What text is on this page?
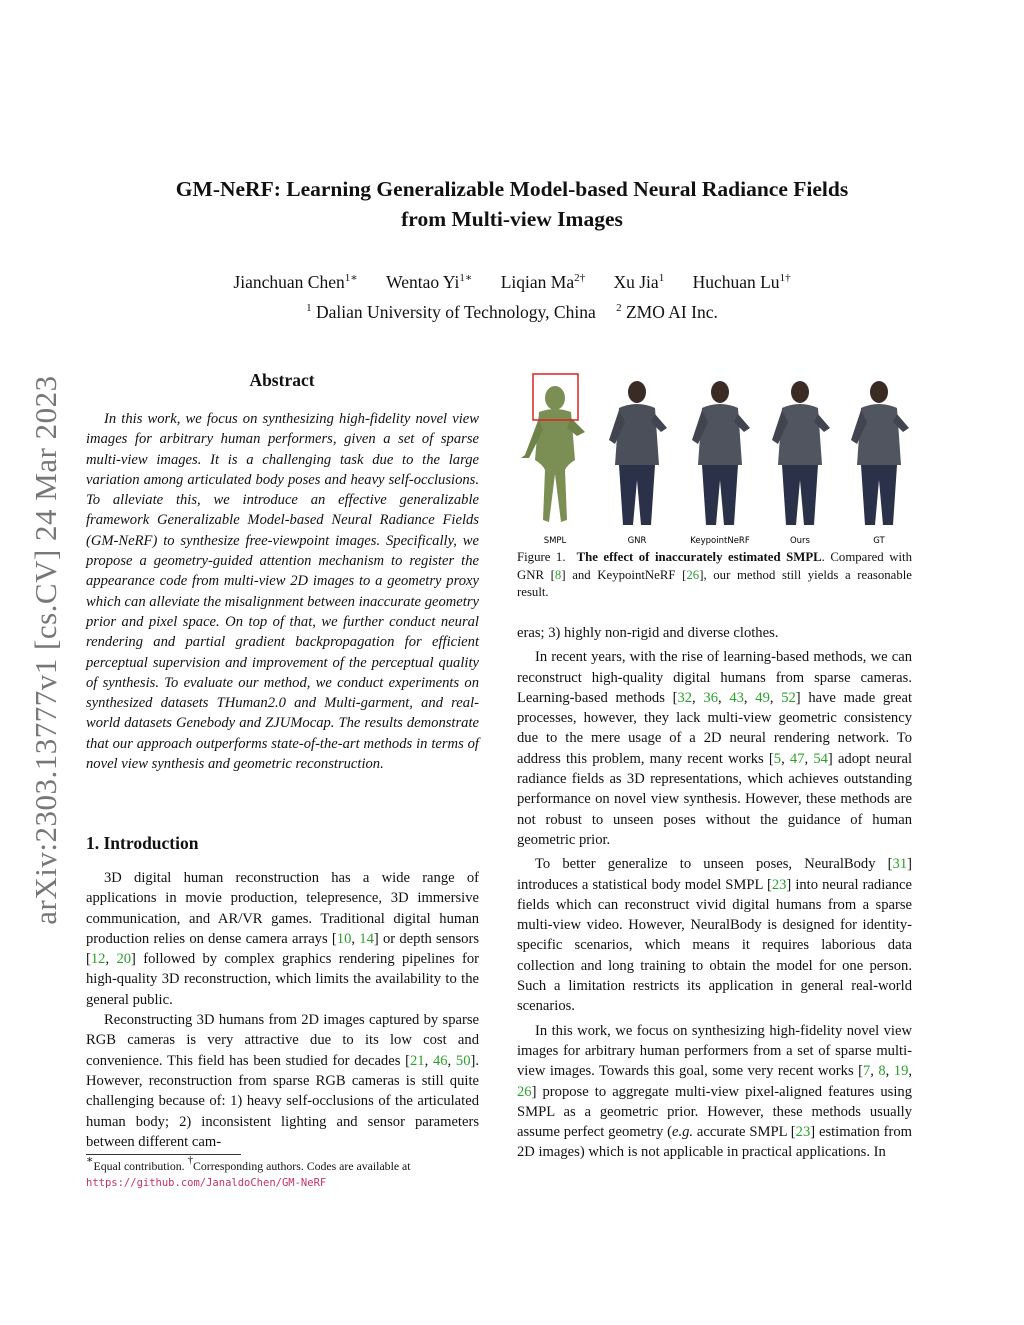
GM-NeRF: Learning Generalizable Model-based Neural Radiance Fields
from Multi-view Images
Jianchuan Chen$^{1∗}$ Wentao $Yi^{1∗}$ Liqian $Ma^{2\dagger}$ Xu Jia$^1$ Huchuan $Lu^{1\dagger}$
$^1$ Dalian University of Technology, China $^2$ ZMO AI Inc.
arXiv:2303.13777v1 [cs.CV] 24 Mar 2023	Abstract

In this work, we focus on synthesizing high-fidelity novel view images for arbitrary human performers, given a set of sparse multi-view images. It is a challenging task due to the large variation among articulated body poses and heavy self-occlusions. To alleviate this, we introduce an effective generalizable framework Generalizable Model-based Neural Radiance Fields (GM-NeRF) to synthesize free-viewpoint images. Specifically, we propose a geometry-guided attention mechanism to register the appearance code from multi-view 2D images to a geometry proxy which can alleviate the misalignment between inaccurate geometry prior and pixel space. On top of that, we further conduct neural rendering and partial gradient backpropagation for efficient perceptual supervision and improvement of the perceptual quality of synthesis. To evaluate our method, we conduct experiments on synthesized datasets THuman2.0 and Multi-garment, and real-world datasets Genebody and ZJUMocap. The results demonstrate that our approach outperforms state-of-the-art methods in terms of novel view synthesis and geometric reconstruction.

1. Introduction

3D digital human reconstruction has a wide range of applications in movie production, telepresence, 3D immersive communication, and AR/VR games. Traditional digital human production relies on dense camera arrays [10, 14] or depth sensors [12, 20] followed by complex graphics rendering pipelines for high-quality 3D reconstruction, which limits the availability to the general public.

Reconstructing 3D humans from 2D images captured by sparse RGB cameras is very attractive due to its low cost and convenience. This field has been studied for decades [21, 46, 50]. However, reconstruction from sparse RGB cameras is still quite challenging because of: 1) heavy self-occlusions of the articulated human body; 2) inconsistent lighting and sensor parameters between different cam-

∗Equal contribution. †Corresponding authors. Codes are available at
https://github.com/JanaldoChen/GM-NeRF
SMPL	GNR	KeypointNeRF	Ours	GT
Figure 1. The effect of inaccurately estimated SMPL. Compared with GNR [8] and KeypointNeRF [26], our method still yields a reasonable result.

eras; 3) highly non-rigid and diverse clothes.

In recent years, with the rise of learning-based methods, we can reconstruct high-quality digital humans from sparse cameras. Learning-based methods [32, 36, 43, 49, 52] have made great processes, however, they lack multi-view geometric consistency due to the mere usage of a 2D neural rendering network. To address this problem, many recent works [5, 47, 54] adopt neural radiance fields as 3D representations, which achieves outstanding performance on novel view synthesis. However, these methods are not robust to unseen poses without the guidance of human geometric prior.

To better generalize to unseen poses, NeuralBody [31] introduces a statistical body model SMPL [23] into neural radiance fields which can reconstruct vivid digital humans from a sparse multi-view video. However, NeuralBody is designed for identity-specific scenarios, which means it requires laborious data collection and long training to obtain the model for one person. Such a limitation restricts its application in general real-world scenarios.

In this work, we focus on synthesizing high-fidelity novel view images for arbitrary human performers from a set of sparse multi-view images. Towards this goal, some very recent works [7, 8, 19, 26] propose to aggregate multi-view pixel-aligned features using SMPL as a geometric prior. However, these methods usually assume perfect geometry (e.g. accurate SMPL [23] estimation from 2D images) which is not applicable in practical applications. In
